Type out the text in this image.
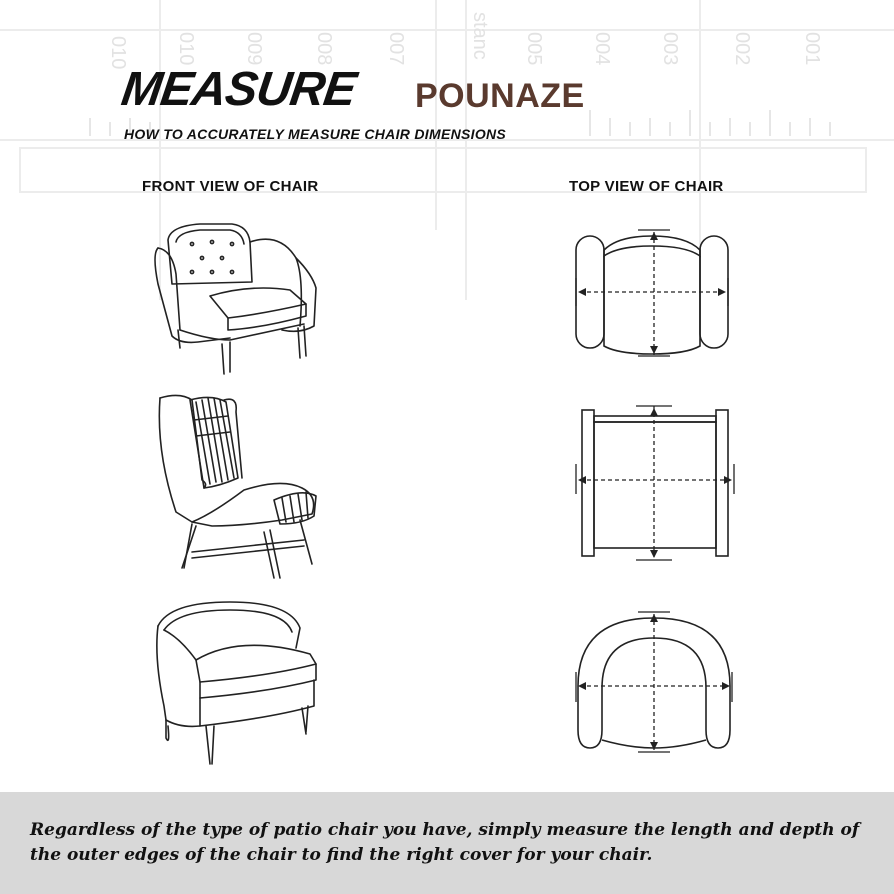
010 010 009 008	007	stanc 005 004 003	002 001
MEASURE POUNAZE
HOW TO ACCURATELY MEASURE CHAIR DIMENSIONS
FRONT VIEW OF CHAIR	TOP VIEW OF CHAIR

Regardless of the type of patio chair you have, simply measure the length and depth of the outer edges of the chair to find the right cover for your chair.
